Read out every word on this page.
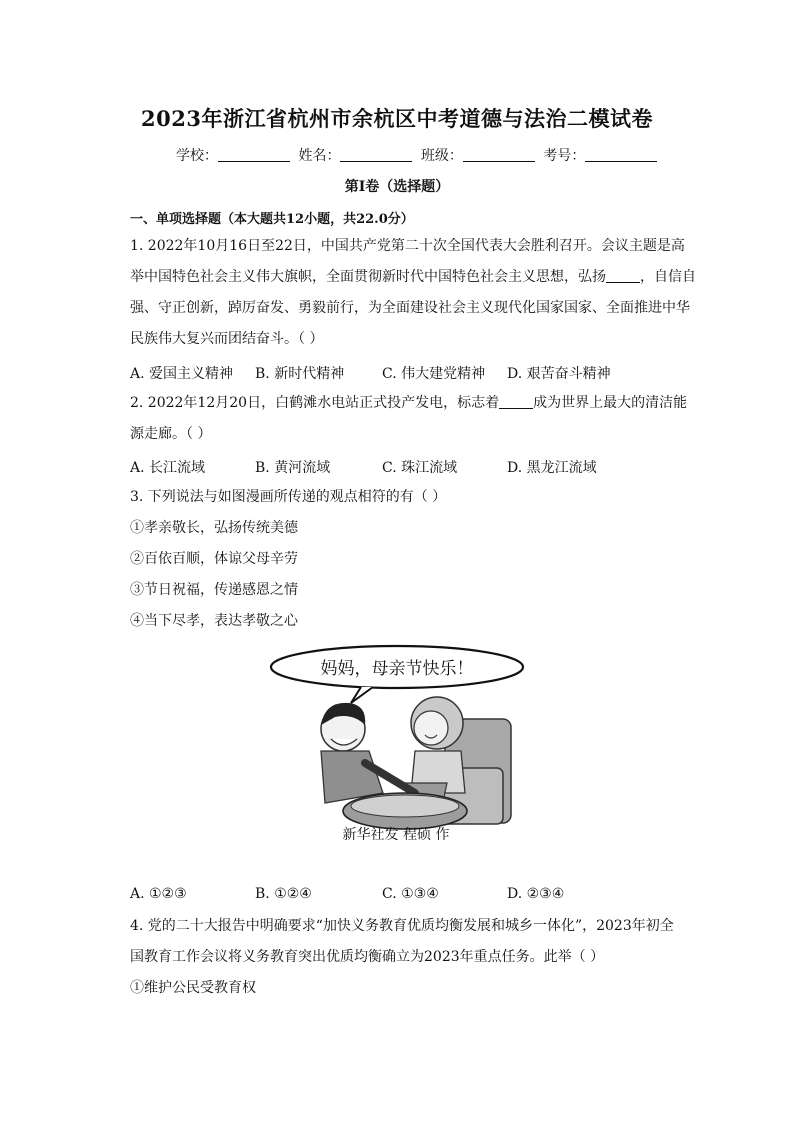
2023年浙江省杭州市余杭区中考道德与法治二模试卷
学校：	姓名：	班级：	考号：
第Ⅰ卷（选择题）
一、单项选择题（本大题共12小题，共22.0分）
1. 2022年10月16日至22日，中国共产党第二十次全国代表大会胜利召开。会议主题是高
举中国特色社会主义伟大旗帜，全面贯彻新时代中国特色社会主义思想，弘扬 ，自信自
强、守正创新，踔厉奋发、勇毅前行，为全面建设社会主义现代化国家国家、全面推进中华
民族伟大复兴而团结奋斗。（ ）
A. 爱国主义精神 B. 新时代精神	C. 伟大建党精神 D. 艰苦奋斗精神
2. 2022年12月20日，白鹤滩水电站正式投产发电，标志着 成为世界上最大的清洁能
源走廊。（ ）
A. 长江流域	B. 黄河流域	C. 珠江流域	D. 黑龙江流域
3. 下列说法与如图漫画所传递的观点相符的有（ ）
①孝亲敬长，弘扬传统美德
②百依百顺，体谅父母辛劳
③节日祝福，传递感恩之情
④当下尽孝，表达孝敬之心
妈妈，母亲节快乐！
新华社发 程硕 作
A. ①②③	B. ①②④	C. ①③④	D. ②③④
4. 党的二十大报告中明确要求“加快义务教育优质均衡发展和城乡一体化”，2023年初全
国教育工作会议将义务教育突出优质均衡确立为2023年重点任务。此举（ ）
①维护公民受教育权
